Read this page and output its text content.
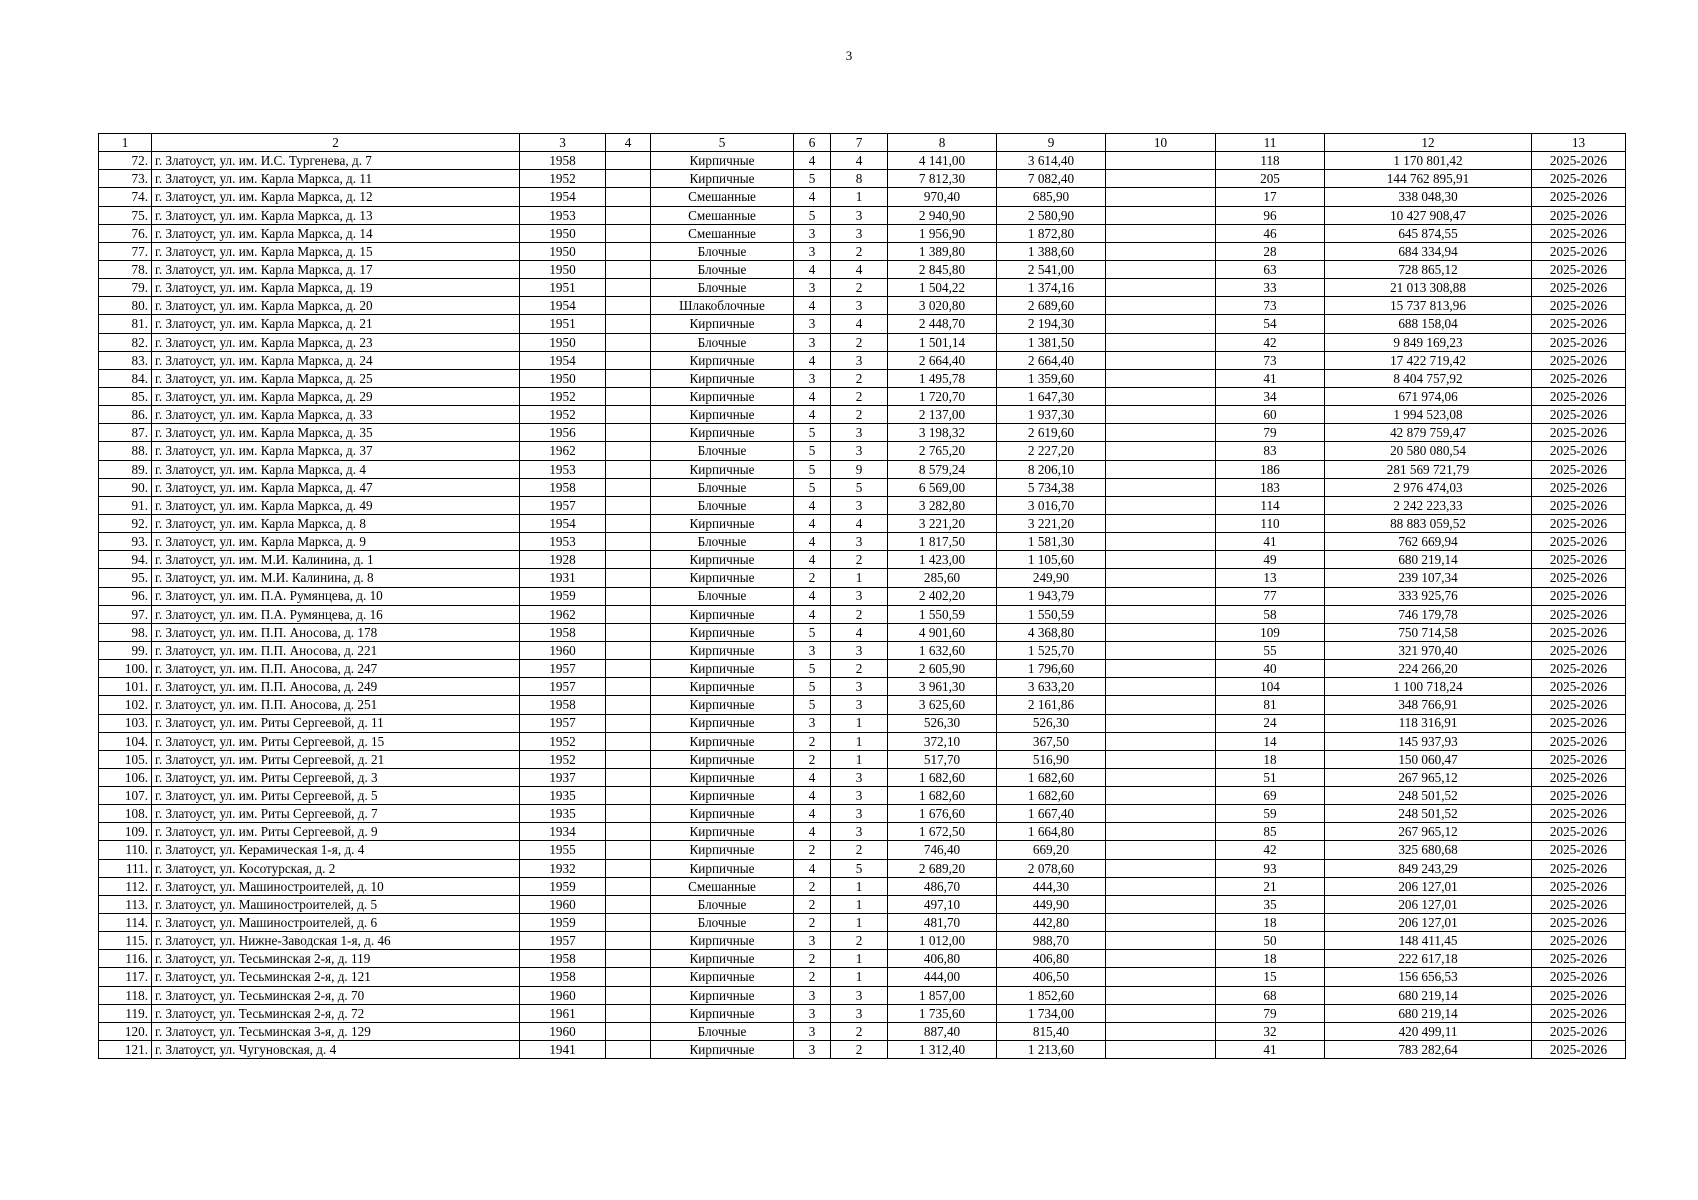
3
1	2	3	4	5	6	7	8	9	10	11	12	13
72.	г. Златоуст, ул. им. И.С. Тургенева, д. 7	1958		Кирпичные	4	4	4 141,00	3 614,40		118	1 170 801,42	2025-2026
73.	г. Златоуст, ул. им. Карла Маркса, д. 11	1952		Кирпичные	5	8	7 812,30	7 082,40		205	144 762 895,91	2025-2026
74.	г. Златоуст, ул. им. Карла Маркса, д. 12	1954		Смешанные	4	1	970,40	685,90		17	338 048,30	2025-2026
75.	г. Златоуст, ул. им. Карла Маркса, д. 13	1953		Смешанные	5	3	2 940,90	2 580,90		96	10 427 908,47	2025-2026
76.	г. Златоуст, ул. им. Карла Маркса, д. 14	1950		Смешанные	3	3	1 956,90	1 872,80		46	645 874,55	2025-2026
77.	г. Златоуст, ул. им. Карла Маркса, д. 15	1950		Блочные	3	2	1 389,80	1 388,60		28	684 334,94	2025-2026
78.	г. Златоуст, ул. им. Карла Маркса, д. 17	1950		Блочные	4	4	2 845,80	2 541,00		63	728 865,12	2025-2026
79.	г. Златоуст, ул. им. Карла Маркса, д. 19	1951		Блочные	3	2	1 504,22	1 374,16		33	21 013 308,88	2025-2026
80.	г. Златоуст, ул. им. Карла Маркса, д. 20	1954		Шлакоблочные	4	3	3 020,80	2 689,60		73	15 737 813,96	2025-2026
81.	г. Златоуст, ул. им. Карла Маркса, д. 21	1951		Кирпичные	3	4	2 448,70	2 194,30		54	688 158,04	2025-2026
82.	г. Златоуст, ул. им. Карла Маркса, д. 23	1950		Блочные	3	2	1 501,14	1 381,50		42	9 849 169,23	2025-2026
83.	г. Златоуст, ул. им. Карла Маркса, д. 24	1954		Кирпичные	4	3	2 664,40	2 664,40		73	17 422 719,42	2025-2026
84.	г. Златоуст, ул. им. Карла Маркса, д. 25	1950		Кирпичные	3	2	1 495,78	1 359,60		41	8 404 757,92	2025-2026
85.	г. Златоуст, ул. им. Карла Маркса, д. 29	1952		Кирпичные	4	2	1 720,70	1 647,30		34	671 974,06	2025-2026
86.	г. Златоуст, ул. им. Карла Маркса, д. 33	1952		Кирпичные	4	2	2 137,00	1 937,30		60	1 994 523,08	2025-2026
87.	г. Златоуст, ул. им. Карла Маркса, д. 35	1956		Кирпичные	5	3	3 198,32	2 619,60		79	42 879 759,47	2025-2026
88.	г. Златоуст, ул. им. Карла Маркса, д. 37	1962		Блочные	5	3	2 765,20	2 227,20		83	20 580 080,54	2025-2026
89.	г. Златоуст, ул. им. Карла Маркса, д. 4	1953		Кирпичные	5	9	8 579,24	8 206,10		186	281 569 721,79	2025-2026
90.	г. Златоуст, ул. им. Карла Маркса, д. 47	1958		Блочные	5	5	6 569,00	5 734,38		183	2 976 474,03	2025-2026
91.	г. Златоуст, ул. им. Карла Маркса, д. 49	1957		Блочные	4	3	3 282,80	3 016,70		114	2 242 223,33	2025-2026
92.	г. Златоуст, ул. им. Карла Маркса, д. 8	1954		Кирпичные	4	4	3 221,20	3 221,20		110	88 883 059,52	2025-2026
93.	г. Златоуст, ул. им. Карла Маркса, д. 9	1953		Блочные	4	3	1 817,50	1 581,30		41	762 669,94	2025-2026
94.	г. Златоуст, ул. им. М.И. Калинина, д. 1	1928		Кирпичные	4	2	1 423,00	1 105,60		49	680 219,14	2025-2026
95.	г. Златоуст, ул. им. М.И. Калинина, д. 8	1931		Кирпичные	2	1	285,60	249,90		13	239 107,34	2025-2026
96.	г. Златоуст, ул. им. П.А. Румянцева, д. 10	1959		Блочные	4	3	2 402,20	1 943,79		77	333 925,76	2025-2026
97.	г. Златоуст, ул. им. П.А. Румянцева, д. 16	1962		Кирпичные	4	2	1 550,59	1 550,59		58	746 179,78	2025-2026
98.	г. Златоуст, ул. им. П.П. Аносова, д. 178	1958		Кирпичные	5	4	4 901,60	4 368,80		109	750 714,58	2025-2026
99.	г. Златоуст, ул. им. П.П. Аносова, д. 221	1960		Кирпичные	3	3	1 632,60	1 525,70		55	321 970,40	2025-2026
100.	г. Златоуст, ул. им. П.П. Аносова, д. 247	1957		Кирпичные	5	2	2 605,90	1 796,60		40	224 266,20	2025-2026
101.	г. Златоуст, ул. им. П.П. Аносова, д. 249	1957		Кирпичные	5	3	3 961,30	3 633,20		104	1 100 718,24	2025-2026
102.	г. Златоуст, ул. им. П.П. Аносова, д. 251	1958		Кирпичные	5	3	3 625,60	2 161,86		81	348 766,91	2025-2026
103.	г. Златоуст, ул. им. Риты Сергеевой, д. 11	1957		Кирпичные	3	1	526,30	526,30		24	118 316,91	2025-2026
104.	г. Златоуст, ул. им. Риты Сергеевой, д. 15	1952		Кирпичные	2	1	372,10	367,50		14	145 937,93	2025-2026
105.	г. Златоуст, ул. им. Риты Сергеевой, д. 21	1952		Кирпичные	2	1	517,70	516,90		18	150 060,47	2025-2026
106.	г. Златоуст, ул. им. Риты Сергеевой, д. 3	1937		Кирпичные	4	3	1 682,60	1 682,60		51	267 965,12	2025-2026
107.	г. Златоуст, ул. им. Риты Сергеевой, д. 5	1935		Кирпичные	4	3	1 682,60	1 682,60		69	248 501,52	2025-2026
108.	г. Златоуст, ул. им. Риты Сергеевой, д. 7	1935		Кирпичные	4	3	1 676,60	1 667,40		59	248 501,52	2025-2026
109.	г. Златоуст, ул. им. Риты Сергеевой, д. 9	1934		Кирпичные	4	3	1 672,50	1 664,80		85	267 965,12	2025-2026
110.	г. Златоуст, ул. Керамическая 1-я, д. 4	1955		Кирпичные	2	2	746,40	669,20		42	325 680,68	2025-2026
111.	г. Златоуст, ул. Косотурская, д. 2	1932		Кирпичные	4	5	2 689,20	2 078,60		93	849 243,29	2025-2026
112.	г. Златоуст, ул. Машиностроителей, д. 10	1959		Смешанные	2	1	486,70	444,30		21	206 127,01	2025-2026
113.	г. Златоуст, ул. Машиностроителей, д. 5	1960		Блочные	2	1	497,10	449,90		35	206 127,01	2025-2026
114.	г. Златоуст, ул. Машиностроителей, д. 6	1959		Блочные	2	1	481,70	442,80		18	206 127,01	2025-2026
115.	г. Златоуст, ул. Нижне-Заводская 1-я, д. 46	1957		Кирпичные	3	2	1 012,00	988,70		50	148 411,45	2025-2026
116.	г. Златоуст, ул. Тесьминская 2-я, д. 119	1958		Кирпичные	2	1	406,80	406,80		18	222 617,18	2025-2026
117.	г. Златоуст, ул. Тесьминская 2-я, д. 121	1958		Кирпичные	2	1	444,00	406,50		15	156 656,53	2025-2026
118.	г. Златоуст, ул. Тесьминская 2-я, д. 70	1960		Кирпичные	3	3	1 857,00	1 852,60		68	680 219,14	2025-2026
119.	г. Златоуст, ул. Тесьминская 2-я, д. 72	1961		Кирпичные	3	3	1 735,60	1 734,00		79	680 219,14	2025-2026
120.	г. Златоуст, ул. Тесьминская 3-я, д. 129	1960		Блочные	3	2	887,40	815,40		32	420 499,11	2025-2026
121.	г. Златоуст, ул. Чугуновская, д. 4	1941		Кирпичные	3	2	1 312,40	1 213,60		41	783 282,64	2025-2026
